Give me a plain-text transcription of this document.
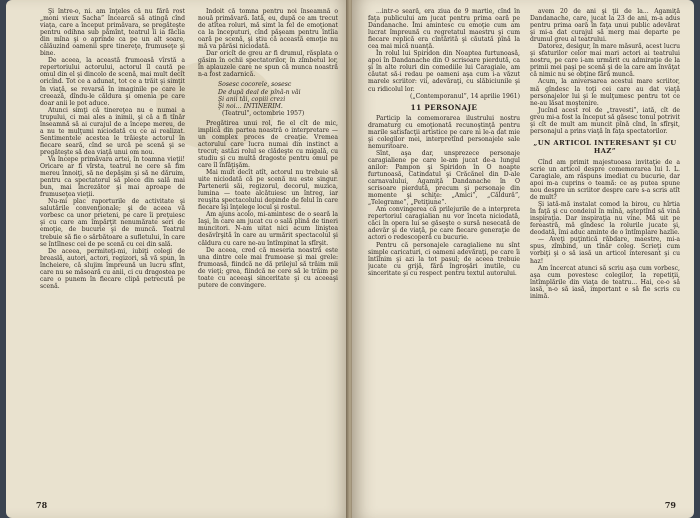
Şi între-o, ni. am înţeles că nu fără rost „moni vieux Sacha” încearcă să atingă cînd viaţa, care a început primăvara, se pregăteşte pentru odihna sub pămînt, teatrul îi ia făclia din mîna şi o aprinde ca pe un alt soare, călăuzind oamenii spre tinereţe, frumuseţe şi bine.

De aceea, la această frumoasă vîrstă a repertoriului actorului, actorul îl caută pe omul din el şi dincolo de scenă, mai mult decît oricînd. Tot ce a adunat, tot ce a trăit şi simţit în viaţă, se revarsă în imaginile pe care le creează, dîndu-le căldura şi omenia pe care doar anii le pot aduce.

Atunci simţi că tinereţea nu e numai a trupului, ci mai ales a inimii, şi că a fi tînăr înseamnă să ai curajul de a începe mereu, de a nu te mulţumi niciodată cu ce ai realizat. Sentimentele acestea le trăieşte actorul în fiecare seară, cînd se urcă pe scenă şi se pregăteşte să dea viaţă unui om nou.

Va începe primăvara artei, în toamna vieţii! Oricare ar fi vîrsta, teatrul ne cere să fim mereu înnoiţi, să ne depăşim şi să ne dăruim, pentru ca spectatorul să plece din sală mai bun, mai încrezător şi mai aproape de frumuseţea vieţii.

Nu-mi plac raporturile de activitate şi salutările convenţionale; şi de aceea vă vorbesc ca unor prieteni, pe care îi preţuiesc şi cu care am împărţit nenumărate seri de emoţie, de bucurie şi de muncă. Teatrul trebuie să fie o sărbătoare a sufletului, în care se întîlnesc cei de pe scenă cu cei din sală.

De aceea, permiteţi-mi, iubiţi colegi de breaslă, autori, actori, regizori, să vă spun, în încheiere, că slujim împreună un lucru sfînt, care nu se măsoară cu anii, ci cu dragostea pe care o punem în fiecare clipă petrecută pe scenă.

Îndoit că tomna pentru noi înseamnă o nouă primăvară. Iată, eu, după ce am trecut de atîtea roluri, mă simt la fel de emoţionat ca la începuturi, cînd păşeam pentru întîia oară pe scenă, şi ştiu că această emoţie nu mă va părăsi niciodată.

Dar oricît de greu ar fi drumul, răsplata o găsim în ochii spectatorilor, în zîmbetul lor, în aplauzele care ne spun că munca noastră n-a fost zadarnică.

Sosesc cocorele, sosesc
De după deal de pînă-n văi
Şi anii tăi, copiii crezi
Şi noi… INTINERIM.
(Teatrul", octombrie 1957)

Pregătirea unui rol, fie el cît de mic, implică din partea noastră o interpretare — un complex proces de creaţie. Vremea actorului care lucra numai din instinct a trecut; astăzi rolul se clădeşte cu migală, cu studiu şi cu multă dragoste pentru omul pe care îl înfăţişăm.

Mai mult decît atît, actorul nu trebuie să uite niciodată că pe scenă nu este singur. Partenerii săi, regizorul, decorul, muzica, lumina — toate alcătuiesc un întreg, iar reuşita spectacolului depinde de felul în care fiecare îşi înţelege locul şi rostul.

Am ajuns acolo, mi-amintesc de o seară la Iaşi, în care am jucat cu o sală plină de tineri muncitori. N-am uitat nici acum liniştea desăvîrşită în care au urmărit spectacolul şi căldura cu care ne-au întîmpinat la sfîrşit.

De aceea, cred că meseria noastră este una dintre cele mai frumoase şi mai grele: frumoasă, fiindcă ne dă prilejul să trăim mii de vieţi; grea, fiindcă ne cere să le trăim pe toate cu aceeaşi sinceritate şi cu aceeaşi putere de convingere.

78

...intr-o seară, era ziua de 9 martie, cînd în faţa publicului am jucat pentru prima oară pe Dandanache. Îmi amintesc cu emoţie cum am lucrat împreună cu regretatul maestru şi cum fiecare replică era cîntărită şi căutată pînă la cea mai mică nuanţă.

În rolul lui Spiridon din Noaptea furtunoasă, apoi în Dandanache din O scrisoare pierdută, ca şi în alte roluri din comediile lui Caragiale, am căutat să-i redau pe oameni aşa cum i-a văzut marele scriitor: vii, adevăraţi, cu slăbiciunile şi cu ridicolul lor.

(„Contemporanul”, 14 aprilie 1961)

11 PERSONAJE

Particip la comemorarea ilustrului nostru dramaturg cu emoţionată recunoştinţă pentru marile satisfacţii artistice pe care ni le-a dat mie şi colegilor mei, interpretînd personajele sale nemuritoare.

Sînt, aşa dar, unsprezece personaje caragialiene pe care le-am jucat de-a lungul anilor: Pampon şi Spiridon în O noapte furtunoasă, Catindatul şi Crăcănel din D-ale carnavalului, Agamiţă Dandanache în O scrisoare pierdută, precum şi personaje din momente şi schiţe: „Amici”, „Căldură”, „Telegrame”, „Petiţiune”.

Am convingerea că prilejurile de a interpreta repertoriul caragialian nu vor înceta niciodată, căci în opera lui se găseşte o sursă nesecată de adevăr şi de viaţă, pe care fiecare generaţie de actori o redescoperă cu bucurie.

Pentru că personajele caragialiene nu sînt simple caricaturi, ci oameni adevăraţi, pe care îi întîlnim şi azi la tot pasul; de aceea trebuie jucate cu grijă, fără îngroşări inutile, cu sinceritate şi cu respect pentru textul autorului.

avem 20 de ani şi ţii de la... Agamiţă Dandanache, care, jucat la 23 de ani, m-a adus pentru prima oară în faţa unui public adevărat şi mi-a dat curajul să merg mai departe pe drumul greu al teatrului.

Datorez, desigur, în mare măsură, acest lucru şi sfaturilor celor mai mari actori ai teatrului nostru, pe care i-am urmărit cu admiraţie de la primii mei paşi pe scenă şi de la care am învăţat că nimic nu se obţine fără muncă.

Acum, la aniversarea acestui mare scriitor, mă gîndesc la toţi cei care au dat viaţă personajelor lui şi le mulţumesc pentru tot ce ne-au lăsat moştenire.

Jucînd acest rol de „travesti”, iată, cît de greu mi-a fost la început să găsesc tonul potrivit şi cît de mult am muncit pînă cînd, în sfîrşit, personajul a prins viaţă în faţa spectatorilor.

„UN ARTICOL INTERESANT ŞI CU HAZ”

Cînd am primit majestuoasa invitaţie de a scrie un articol despre comemorarea lui I. L. Caragiale, am răspuns imediat cu bucurie, dar apoi m-a cuprins o teamă: ce aş putea spune nou despre un scriitor despre care s-a scris atît de mult?

Şi iată-mă instalat comod la birou, cu hîrtia în faţă şi cu condeiul în mînă, aşteptînd să vină inspiraţia. Dar inspiraţia nu vine. Mă uit pe fereastră, mă gîndesc la rolurile jucate şi, deodată, îmi aduc aminte de o întîmplare hazlie.

— Aveţi puţintică răbdare, maestre, mi-a spus, zîmbind, un tînăr coleg. Scrieţi cum vorbiţi şi o să iasă un articol interesant şi cu haz!

Am încercat atunci să scriu aşa cum vorbesc, aşa cum povestesc colegilor, la repetiţii, întîmplările din viaţa de teatru... Hai, ce-o să iasă, n-o să iasă, important e să fie scris cu inimă.

79
